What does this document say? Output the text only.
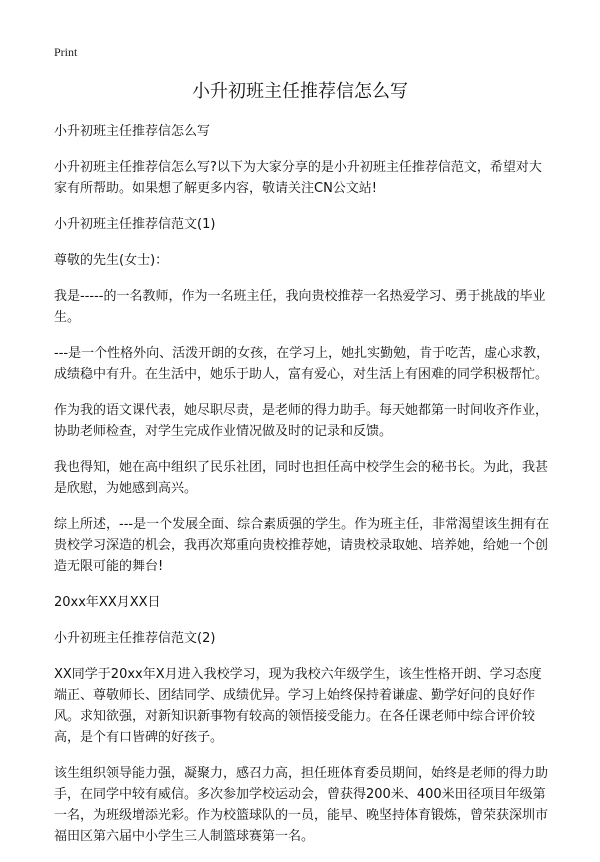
Print
小升初班主任推荐信怎么写

小升初班主任推荐信怎么写

小升初班主任推荐信怎么写?以下为大家分享的是小升初班主任推荐信范文，希望对大家有所帮助。如果想了解更多内容，敬请关注CN公文站!

小升初班主任推荐信范文(1)

尊敬的先生(女士)：

我是-----的一名教师，作为一名班主任，我向贵校推荐一名热爱学习、勇于挑战的毕业生。

---是一个性格外向、活泼开朗的女孩，在学习上，她扎实勤勉，肯于吃苦，虚心求教，成绩稳中有升。在生活中，她乐于助人，富有爱心，对生活上有困难的同学积极帮忙。

作为我的语文课代表，她尽职尽责，是老师的得力助手。每天她都第一时间收齐作业，协助老师检查，对学生完成作业情况做及时的记录和反馈。

我也得知，她在高中组织了民乐社团，同时也担任高中校学生会的秘书长。为此，我甚是欣慰，为她感到高兴。

综上所述，---是一个发展全面、综合素质强的学生。作为班主任，非常渴望该生拥有在贵校学习深造的机会，我再次郑重向贵校推荐她，请贵校录取她、培养她，给她一个创造无限可能的舞台!

20xx年XX月XX日

小升初班主任推荐信范文(2)

XX同学于20xx年X月进入我校学习，现为我校六年级学生，该生性格开朗、学习态度端正、尊敬师长、团结同学、成绩优异。学习上始终保持着谦虚、勤学好问的良好作风。求知欲强，对新知识新事物有较高的领悟接受能力。在各任课老师中综合评价较高，是个有口皆碑的好孩子。

该生组织领导能力强，凝聚力，感召力高，担任班体育委员期间，始终是老师的得力助手，在同学中较有威信。多次参加学校运动会，曾获得200米、400米田径项目年级第一名，为班级增添光彩。作为校篮球队的一员，能早、晚坚持体育锻炼，曾荣获深圳市福田区第六届中小学生三人制篮球赛第一名。
